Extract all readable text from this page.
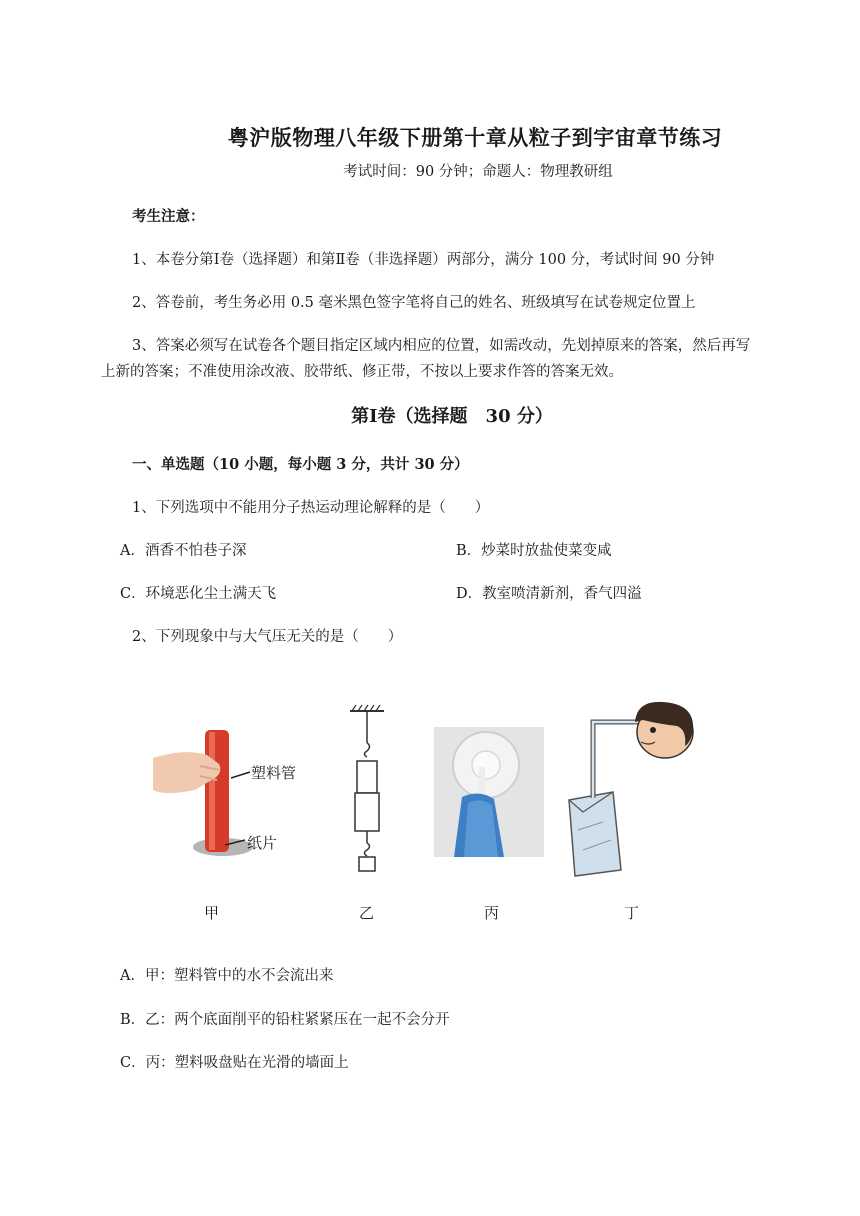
粤沪版物理八年级下册第十章从粒子到宇宙章节练习
考试时间：90 分钟；命题人：物理教研组
考生注意：
1、本卷分第Ⅰ卷（选择题）和第Ⅱ卷（非选择题）两部分，满分 100 分，考试时间 90 分钟
2、答卷前，考生务必用 0.5 毫米黑色签字笔将自己的姓名、班级填写在试卷规定位置上
3、答案必须写在试卷各个题目指定区域内相应的位置，如需改动，先划掉原来的答案，然后再写
上新的答案；不准使用涂改液、胶带纸、修正带，不按以上要求作答的答案无效。
第Ⅰ卷（选择题　30 分）
一、单选题（10 小题，每小题 3 分，共计 30 分）
1、下列选项中不能用分子热运动理论解释的是（　　）
A．酒香不怕巷子深	B．炒菜时放盐使菜变咸
C．环境恶化尘土满天飞	D．教室喷清新剂，香气四溢
2、下列现象中与大气压无关的是（　　）
塑料管
纸片
甲	乙	丙	丁
A．甲：塑料管中的水不会流出来
B．乙：两个底面削平的铅柱紧紧压在一起不会分开
C．丙：塑料吸盘贴在光滑的墙面上
